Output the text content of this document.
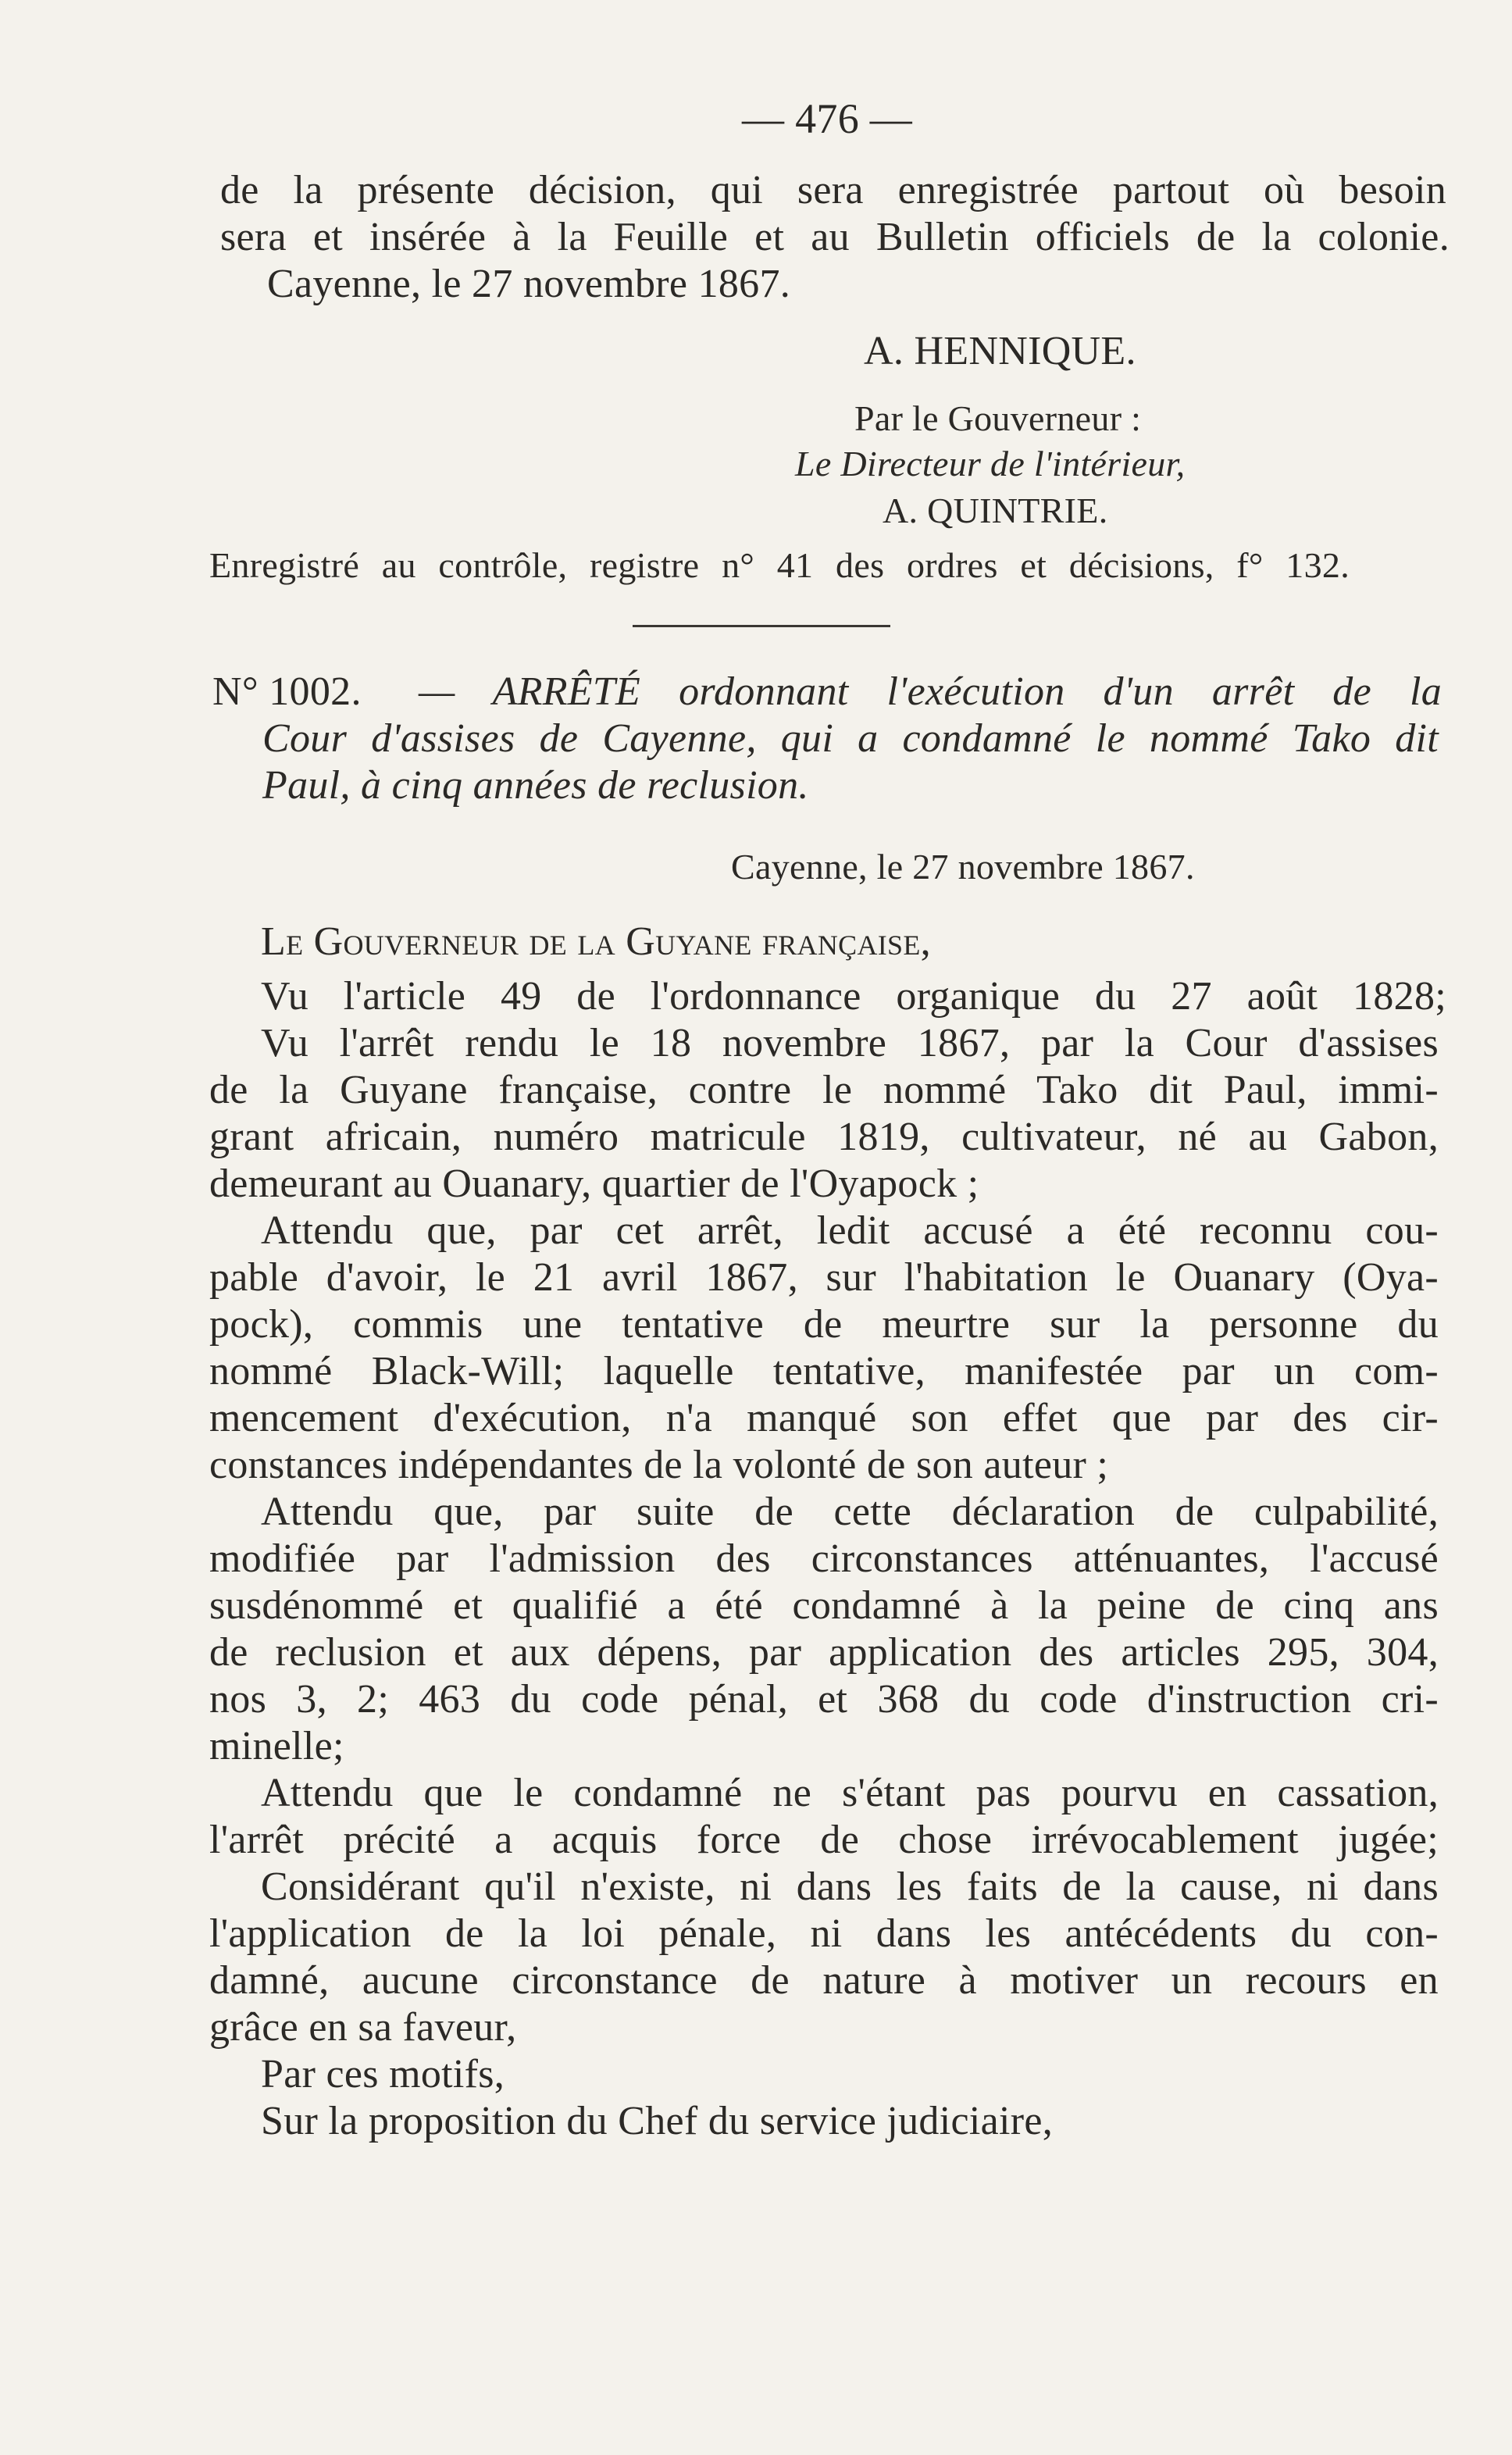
— 476 —
de la présente décision, qui sera enregistrée partout où besoin
sera et insérée à la Feuille et au Bulletin officiels de la colonie.
Cayenne, le 27 novembre 1867.
A. HENNIQUE.
Par le Gouverneur :
Le Directeur de l'intérieur,
A. QUINTRIE.
Enregistré au contrôle, registre n° 41 des ordres et décisions, f° 132.
N° 1002. — ARRÊTÉ ordonnant l'exécution d'un arrêt de la
Cour d'assises de Cayenne, qui a condamné le nommé Tako dit
Paul, à cinq années de reclusion.
Cayenne, le 27 novembre 1867.
Le Gouverneur de la Guyane française,
Vu l'article 49 de l'ordonnance organique du 27 août 1828;
Vu l'arrêt rendu le 18 novembre 1867, par la Cour d'assises
de la Guyane française, contre le nommé Tako dit Paul, immi-
grant africain, numéro matricule 1819, cultivateur, né au Gabon,
demeurant au Ouanary, quartier de l'Oyapock ;
Attendu que, par cet arrêt, ledit accusé a été reconnu cou-
pable d'avoir, le 21 avril 1867, sur l'habitation le Ouanary (Oya-
pock), commis une tentative de meurtre sur la personne du
nommé Black-Will; laquelle tentative, manifestée par un com-
mencement d'exécution, n'a manqué son effet que par des cir-
constances indépendantes de la volonté de son auteur ;
Attendu que, par suite de cette déclaration de culpabilité,
modifiée par l'admission des circonstances atténuantes, l'accusé
susdénommé et qualifié a été condamné à la peine de cinq ans
de reclusion et aux dépens, par application des articles 295, 304,
nos 3, 2; 463 du code pénal, et 368 du code d'instruction cri-
minelle;
Attendu que le condamné ne s'étant pas pourvu en cassation,
l'arrêt précité a acquis force de chose irrévocablement jugée;
Considérant qu'il n'existe, ni dans les faits de la cause, ni dans
l'application de la loi pénale, ni dans les antécédents du con-
damné, aucune circonstance de nature à motiver un recours en
grâce en sa faveur,
Par ces motifs,
Sur la proposition du Chef du service judiciaire,
